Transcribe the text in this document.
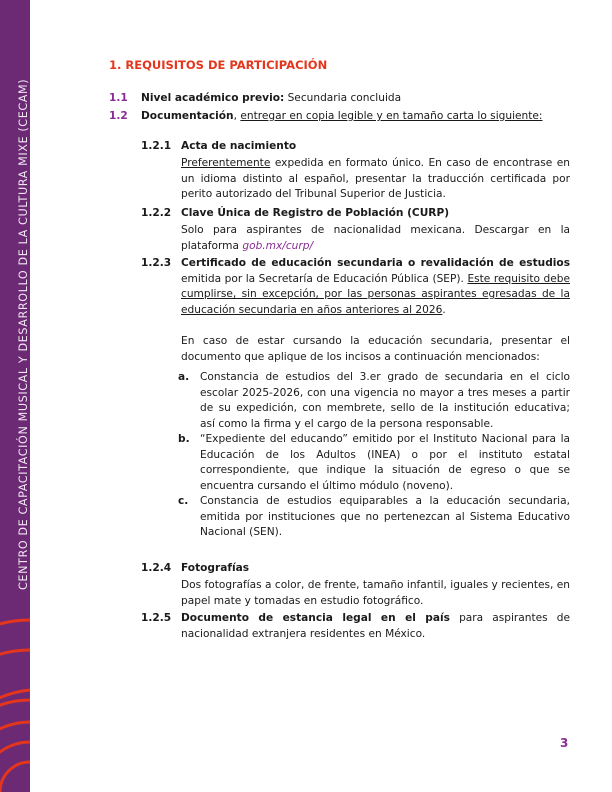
CENTRO DE CAPACITACIÓN MUSICAL Y DESARROLLO DE LA CULTURA MIXE (CECAM)
1. REQUISITOS DE PARTICIPACIÓN
1.1 Nivel académico previo: Secundaria concluida
1.2 Documentación, entregar en copia legible y en tamaño carta lo siguiente:
1.2.1 Acta de nacimiento
Preferentemente expedida en formato único. En caso de encontrase en un idioma distinto al español, presentar la traducción certificada por perito autorizado del Tribunal Superior de Justicia.
1.2.2 Clave Única de Registro de Población (CURP)
Solo para aspirantes de nacionalidad mexicana. Descargar en la plataforma gob.mx/curp/
1.2.3 Certificado de educación secundaria o revalidación de estudios emitida por la Secretaría de Educación Pública (SEP). Este requisito debe cumplirse, sin excepción, por las personas aspirantes egresadas de la educación secundaria en años anteriores al 2026.
En caso de estar cursando la educación secundaria, presentar el documento que aplique de los incisos a continuación mencionados:
a. Constancia de estudios del 3.er grado de secundaria en el ciclo escolar 2025-2026, con una vigencia no mayor a tres meses a partir de su expedición, con membrete, sello de la institución educativa; así como la firma y el cargo de la persona responsable.
b. “Expediente del educando” emitido por el Instituto Nacional para la Educación de los Adultos (INEA) o por el instituto estatal correspondiente, que indique la situación de egreso o que se encuentra cursando el último módulo (noveno).
c. Constancia de estudios equiparables a la educación secundaria, emitida por instituciones que no pertenezcan al Sistema Educativo Nacional (SEN).
1.2.4 Fotografías
Dos fotografías a color, de frente, tamaño infantil, iguales y recientes, en papel mate y tomadas en estudio fotográfico.
1.2.5 Documento de estancia legal en el país para aspirantes de nacionalidad extranjera residentes en México.
3
